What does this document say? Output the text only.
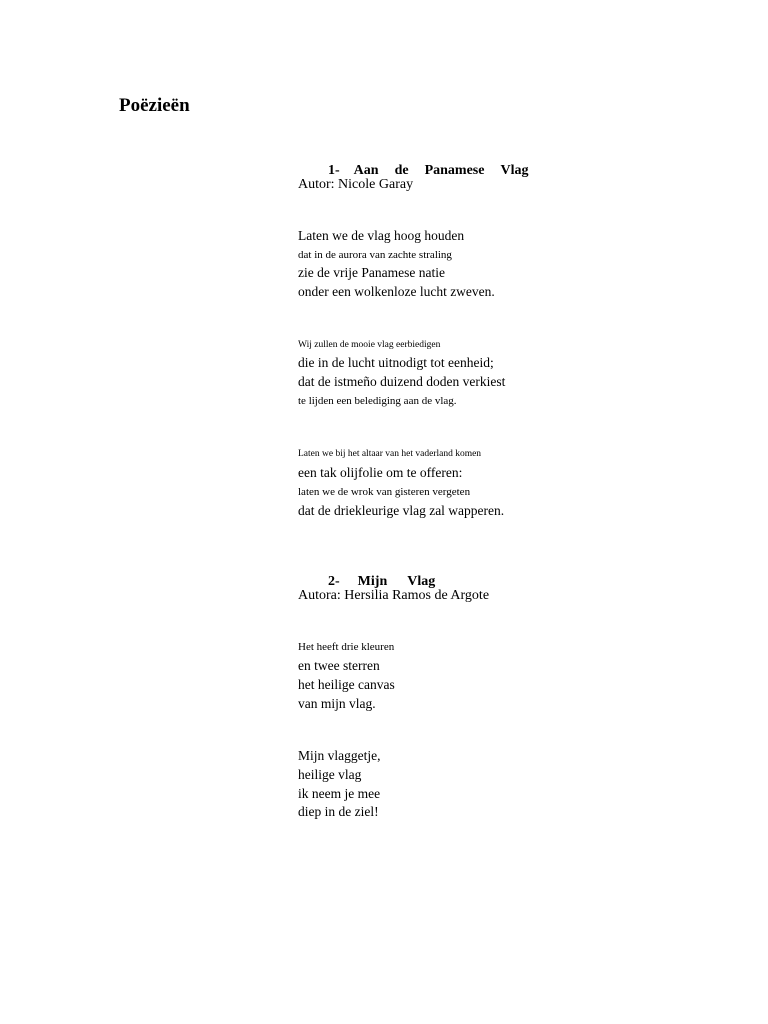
Poëzieën

1- Aan de Panamese Vlag

Autor: Nicole Garay

Laten we de vlag hoog houden

dat in de aurora van zachte straling

zie de vrije Panamese natie

onder een wolkenloze lucht zweven.

Wij zullen de mooie vlag eerbiedigen

die in de lucht uitnodigt tot eenheid;

dat de istmeño duizend doden verkiest

te lijden een belediging aan de vlag.

Laten we bij het altaar van het vaderland komen

een tak olijfolie om te offeren:

laten we de wrok van gisteren vergeten

dat de driekleurige vlag zal wapperen.

2- Mijn Vlag

Autora: Hersilia Ramos de Argote

Het heeft drie kleuren

en twee sterren

het heilige canvas

van mijn vlag.

Mijn vlaggetje,

heilige vlag

ik neem je mee

diep in de ziel!
